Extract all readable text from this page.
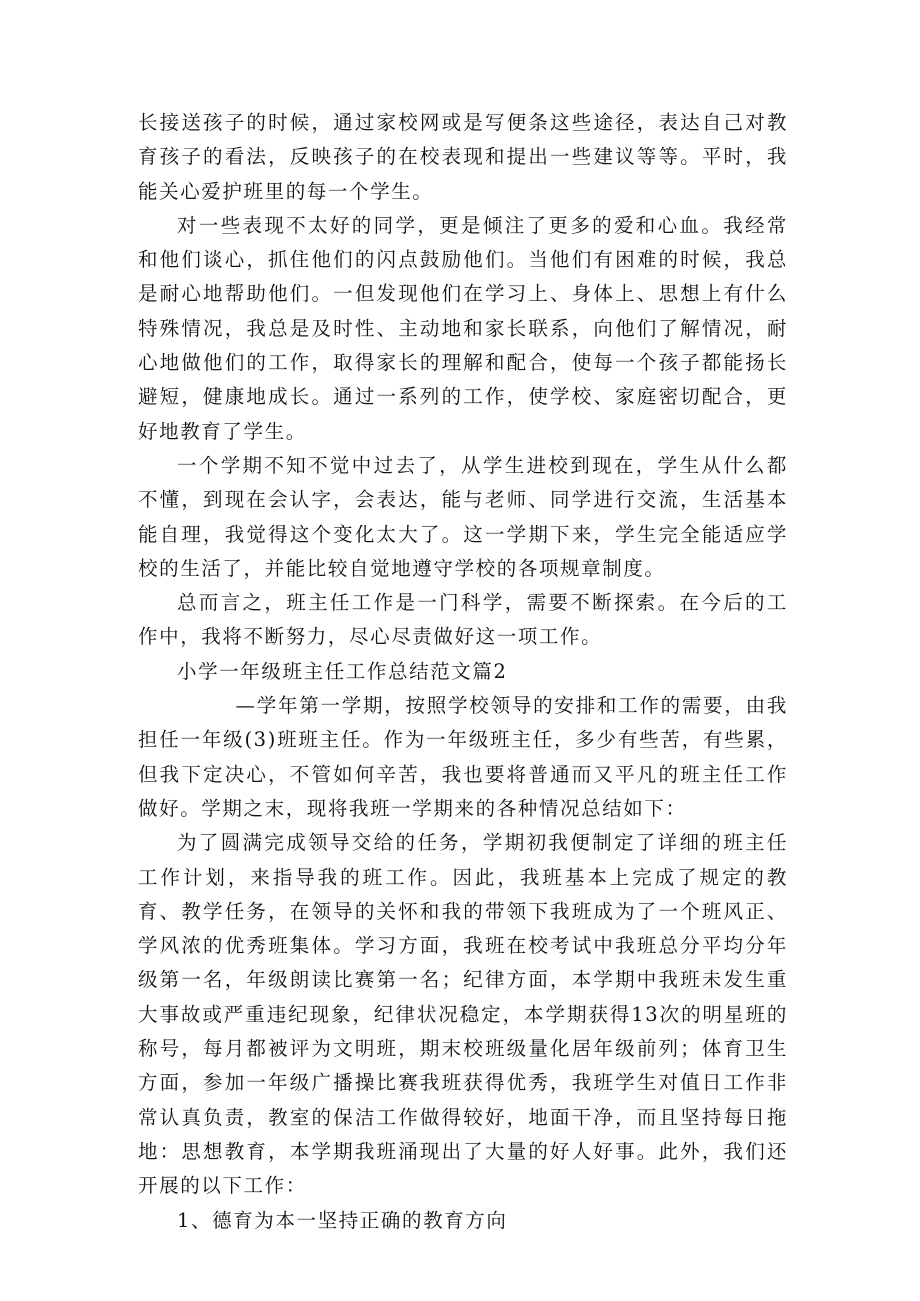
长接送孩子的时候，通过家校网或是写便条这些途径，表达自己对教育孩子的看法，反映孩子的在校表现和提出一些建议等等。平时，我能关心爱护班里的每一个学生。

对一些表现不太好的同学，更是倾注了更多的爱和心血。我经常和他们谈心，抓住他们的闪点鼓励他们。当他们有困难的时候，我总是耐心地帮助他们。一但发现他们在学习上、身体上、思想上有什么特殊情况，我总是及时性、主动地和家长联系，向他们了解情况，耐心地做他们的工作，取得家长的理解和配合，使每一个孩子都能扬长避短，健康地成长。通过一系列的工作，使学校、家庭密切配合，更好地教育了学生。

一个学期不知不觉中过去了，从学生进校到现在，学生从什么都不懂，到现在会认字，会表达，能与老师、同学进行交流，生活基本能自理，我觉得这个变化太大了。这一学期下来，学生完全能适应学校的生活了，并能比较自觉地遵守学校的各项规章制度。

总而言之，班主任工作是一门科学，需要不断探索。在今后的工作中，我将不断努力，尽心尽责做好这一项工作。

小学一年级班主任工作总结范文篇2

—学年第一学期，按照学校领导的安排和工作的需要，由我担任一年级(3)班班主任。作为一年级班主任，多少有些苦，有些累，但我下定决心，不管如何辛苦，我也要将普通而又平凡的班主任工作做好。学期之末，现将我班一学期来的各种情况总结如下：

为了圆满完成领导交给的任务，学期初我便制定了详细的班主任工作计划，来指导我的班工作。因此，我班基本上完成了规定的教育、教学任务，在领导的关怀和我的带领下我班成为了一个班风正、学风浓的优秀班集体。学习方面，我班在校考试中我班总分平均分年级第一名，年级朗读比赛第一名；纪律方面，本学期中我班未发生重大事故或严重违纪现象，纪律状况稳定，本学期获得13次的明星班的称号，每月都被评为文明班，期末校班级量化居年级前列；体育卫生方面，参加一年级广播操比赛我班获得优秀，我班学生对值日工作非常认真负责，教室的保洁工作做得较好，地面干净，而且坚持每日拖地：思想教育，本学期我班涌现出了大量的好人好事。此外，我们还开展的以下工作：

1、德育为本一坚持正确的教育方向
